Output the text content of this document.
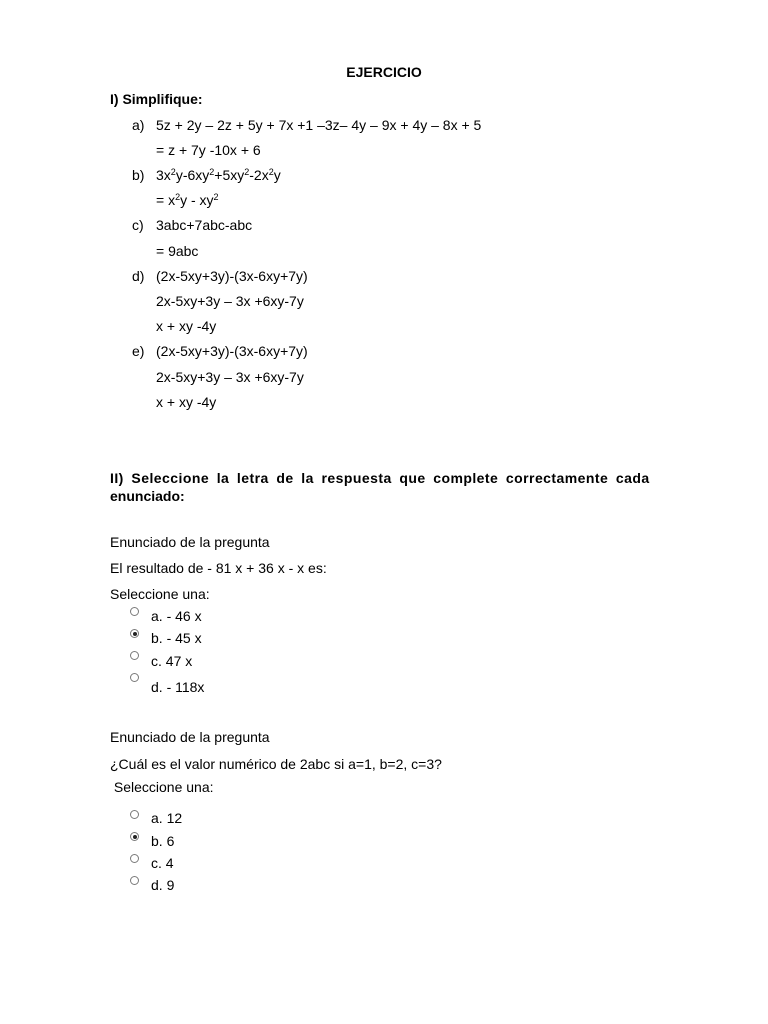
EJERCICIO
I) Simplifique:
a) 5z + 2y – 2z + 5y + 7x +1 –3z– 4y – 9x + 4y – 8x + 5
= z + 7y -10x + 6
b) $3x^2y-6xy^2+5xy^2-2x^2y$
= $x^2y - xy^2$
c) 3abc+7abc-abc
= 9abc
d) (2x-5xy+3y)-(3x-6xy+7y)
2x-5xy+3y – 3x +6xy-7y
x + xy -4y
e) (2x-5xy+3y)-(3x-6xy+7y)
2x-5xy+3y – 3x +6xy-7y
x + xy -4y
II) Seleccione la letra de la respuesta que complete correctamente cada
enunciado:
Enunciado de la pregunta
El resultado de - 81 x + 36 x - x es:
Seleccione una:
a. - 46 x
b. - 45 x
c. 47 x
d. - 118x
Enunciado de la pregunta
¿Cuál es el valor numérico de 2abc si a=1, b=2, c=3?
Seleccione una:
a. 12
b. 6
c. 4
d. 9
